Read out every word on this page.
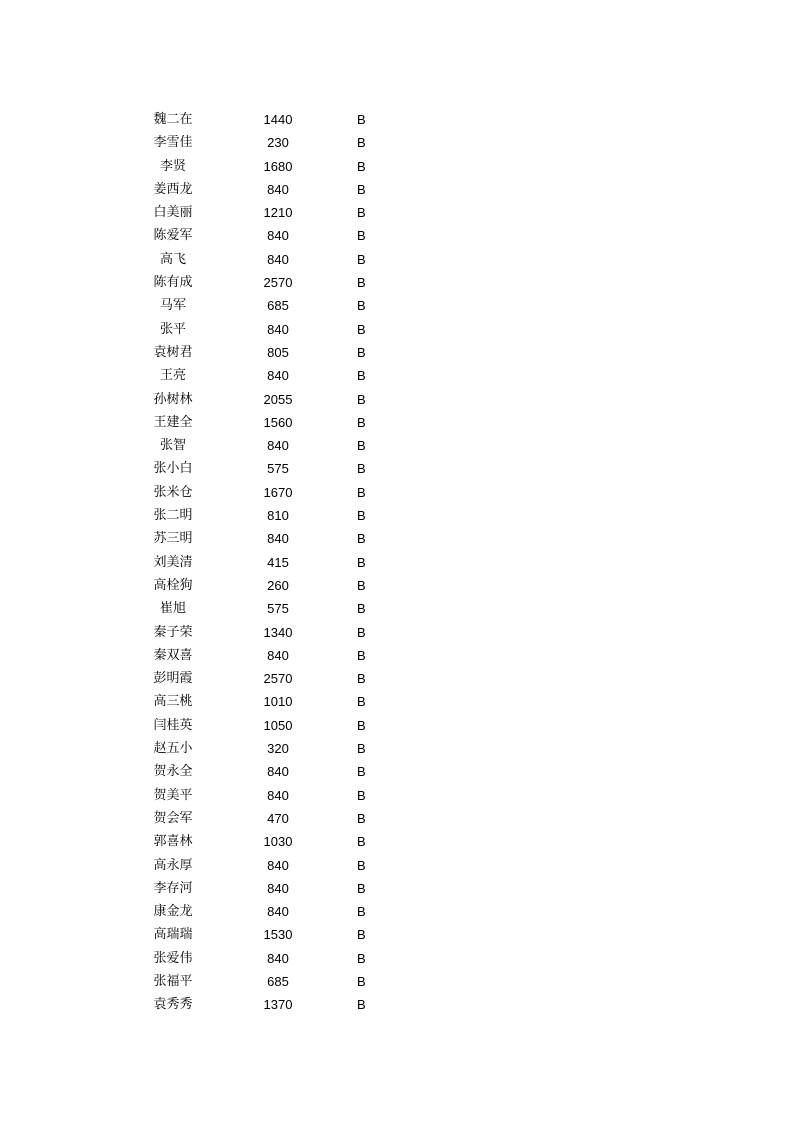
魏二在	1440	B
李雪佳	230	B
李贤	1680	B
姜西龙	840	B
白美丽	1210	B
陈爱军	840	B
高飞	840	B
陈有成	2570	B
马军	685	B
张平	840	B
袁树君	805	B
王亮	840	B
孙树林	2055	B
王建全	1560	B
张智	840	B
张小白	575	B
张米仓	1670	B
张二明	810	B
苏三明	840	B
刘美清	415	B
高栓狗	260	B
崔旭	575	B
秦子荣	1340	B
秦双喜	840	B
彭明霞	2570	B
高三桃	1010	B
闫桂英	1050	B
赵五小	320	B
贺永全	840	B
贺美平	840	B
贺会军	470	B
郭喜林	1030	B
高永厚	840	B
李存河	840	B
康金龙	840	B
高瑞瑞	1530	B
张爱伟	840	B
张福平	685	B
袁秀秀	1370	B
